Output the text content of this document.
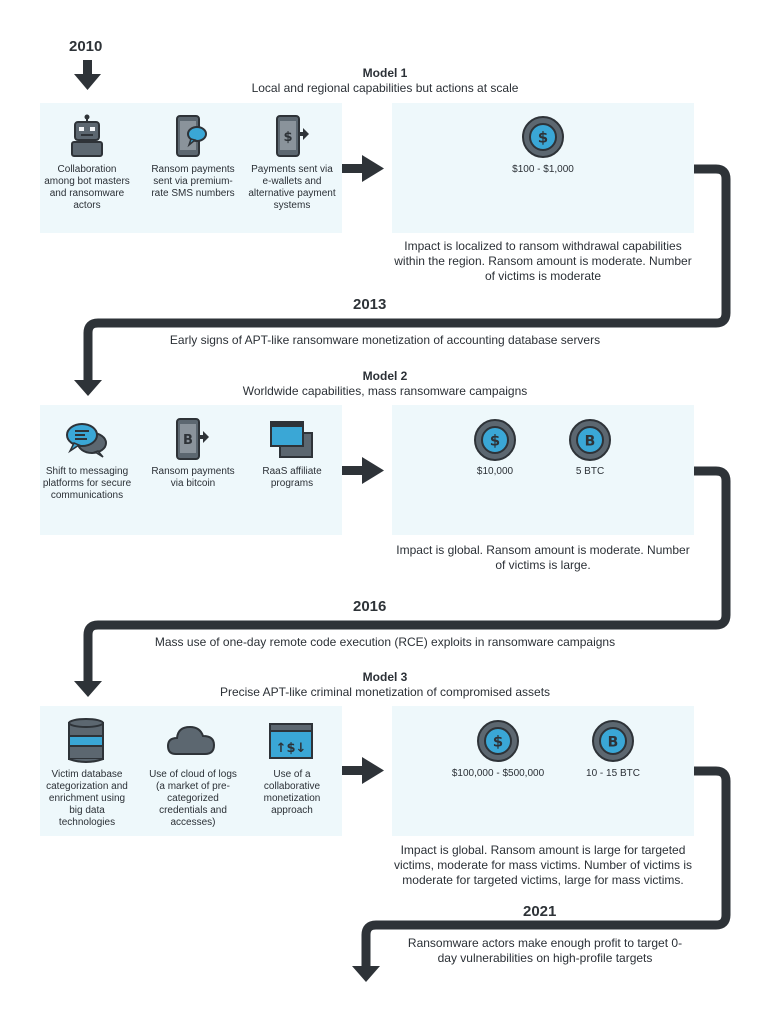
2010
2013
2016
2021
Model 1
Local and regional capabilities but actions at scale
Collaboration among bot masters and ransomware actors
Ransom payments sent via premium-rate SMS numbers
$
Payments sent via e-wallets and alternative payment systems
$
$100 - $1,000
Impact is localized to ransom withdrawal capabilities within the region. Ransom amount is moderate. Number of victims is moderate
Early signs of APT-like ransomware monetization of accounting database servers
Model 2
Worldwide capabilities, mass ransomware campaigns
Shift to messaging platforms for secure communications
B
Ransom payments via bitcoin
RaaS affiliate programs
$
$10,000
B
5 BTC
Impact is global. Ransom amount is moderate. Number of victims is large.
Mass use of one-day remote code execution (RCE) exploits in ransomware campaigns
Model 3
Precise APT-like criminal monetization of compromised assets
Victim database categorization and enrichment using big data technologies
Use of cloud of logs (a market of pre-categorized credentials and accesses)
↑$↓
Use of a collaborative monetization approach
$
$100,000 - $500,000
B
10 - 15 BTC
Impact is global. Ransom amount is large for targeted victims, moderate for mass victims. Number of victims is moderate for targeted victims, large for mass victims.
Ransomware actors make enough profit to target 0-day vulnerabilities on high-profile targets
